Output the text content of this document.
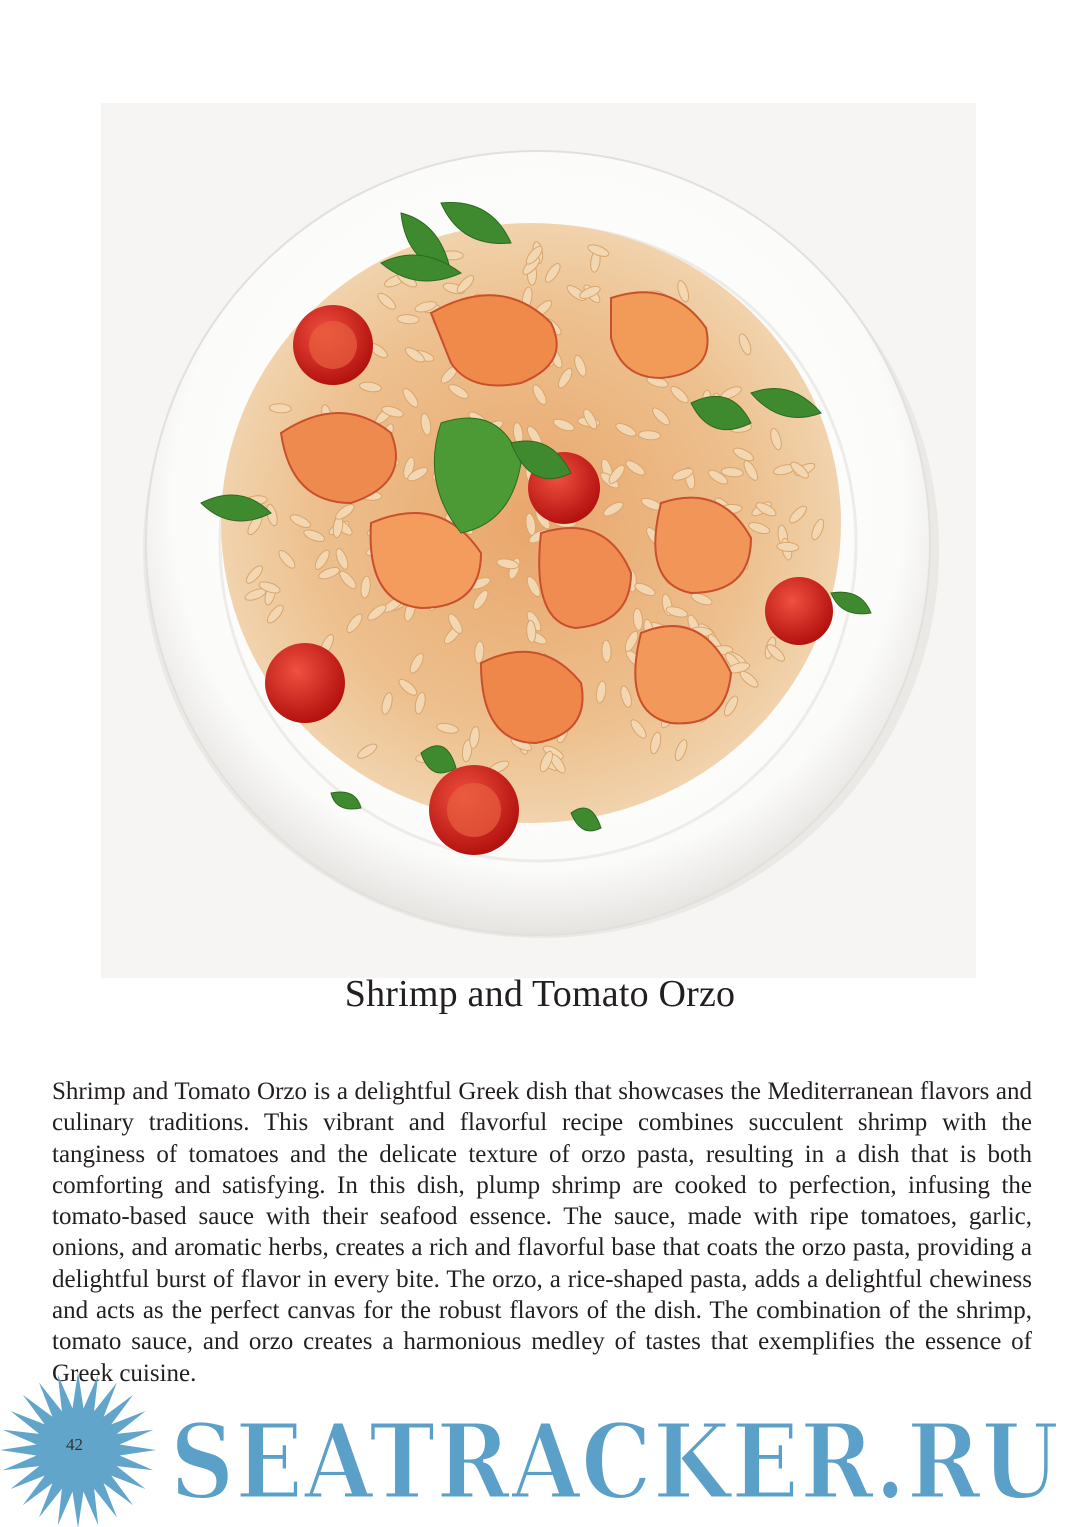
Shrimp and Tomato Orzo

Shrimp and Tomato Orzo is a delightful Greek dish that showcases the Mediterranean flavors and culinary traditions. This vibrant and flavorful recipe combines succulent shrimp with the tanginess of tomatoes and the delicate texture of orzo pasta, resulting in a dish that is both comforting and satisfying. In this dish, plump shrimp are cooked to perfection, infusing the tomato-based sauce with their seafood essence. The sauce, made with ripe tomatoes, garlic, onions, and aromatic herbs, creates a rich and flavorful base that coats the orzo pasta, providing a delightful burst of flavor in every bite. The orzo, a rice-shaped pasta, adds a delightful chewiness and acts as the perfect canvas for the robust flavors of the dish. The combination of the shrimp, tomato sauce, and orzo creates a harmonious medley of tastes that exemplifies the essence of Greek cuisine.

SEATRACKER.RU
42
